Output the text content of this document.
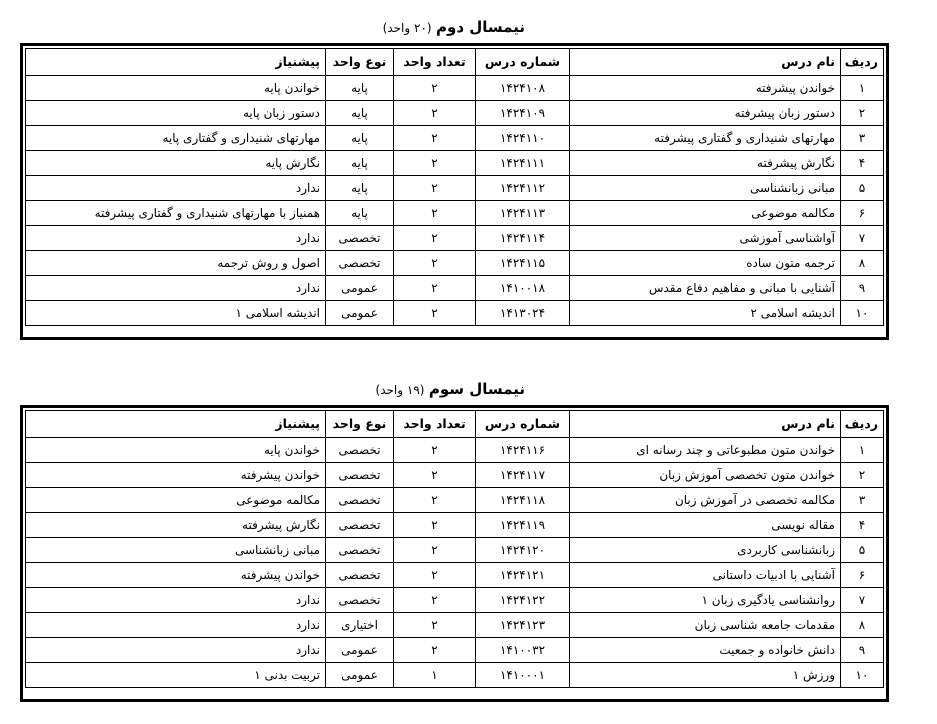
نیمسال دوم (۲۰ واحد)
ردیف	نام درس	شماره درس	تعداد واحد	نوع واحد	پیشنیاز
۱	خواندن پیشرفته	۱۴۲۴۱۰۸	۲	پایه	خواندن پایه
۲	دستور زبان پیشرفته	۱۴۲۴۱۰۹	۲	پایه	دستور زبان پایه
۳	مهارتهای شنیداری و گفتاری پیشرفته	۱۴۲۴۱۱۰	۲	پایه	مهارتهای شنیداری و گفتاری پایه
۴	نگارش پیشرفته	۱۴۲۴۱۱۱	۲	پایه	نگارش پایه
۵	مبانی زبانشناسی	۱۴۲۴۱۱۲	۲	پایه	ندارد
۶	مکالمه موضوعی	۱۴۲۴۱۱۳	۲	پایه	همنیاز با مهارتهای شنیداری و گفتاری پیشرفته
۷	آواشناسی آموزشی	۱۴۲۴۱۱۴	۲	تخصصی	ندارد
۸	ترجمه متون ساده	۱۴۲۴۱۱۵	۲	تخصصی	اصول و روش ترجمه
۹	آشنایی با مبانی و مفاهیم دفاع مقدس	۱۴۱۰۰۱۸	۲	عمومی	ندارد
۱۰	اندیشه اسلامی ۲	۱۴۱۳۰۲۴	۲	عمومی	اندیشه اسلامی ۱
نیمسال سوم (۱۹ واحد)
ردیف	نام درس	شماره درس	تعداد واحد	نوع واحد	پیشنیاز
۱	خواندن متون مطبوعاتی و چند رسانه ای	۱۴۲۴۱۱۶	۲	تخصصی	خواندن پایه
۲	خواندن متون تخصصی آموزش زبان	۱۴۲۴۱۱۷	۲	تخصصی	خواندن پیشرفته
۳	مکالمه تخصصی در آموزش زبان	۱۴۲۴۱۱۸	۲	تخصصی	مکالمه موضوعی
۴	مقاله نویسی	۱۴۲۴۱۱۹	۲	تخصصی	نگارش پیشرفته
۵	زبانشناسی کاربردی	۱۴۲۴۱۲۰	۲	تخصصی	مبانی زبانشناسی
۶	آشنایی با ادبیات داستانی	۱۴۲۴۱۲۱	۲	تخصصی	خواندن پیشرفته
۷	روانشناسی یادگیری زبان ۱	۱۴۲۴۱۲۲	۲	تخصصی	ندارد
۸	مقدمات جامعه شناسی زبان	۱۴۲۴۱۲۳	۲	اختیاری	ندارد
۹	دانش خانواده و جمعیت	۱۴۱۰۰۳۲	۲	عمومی	ندارد
۱۰	ورزش ۱	۱۴۱۰۰۰۱	۱	عمومی	تربیت بدنی ۱
